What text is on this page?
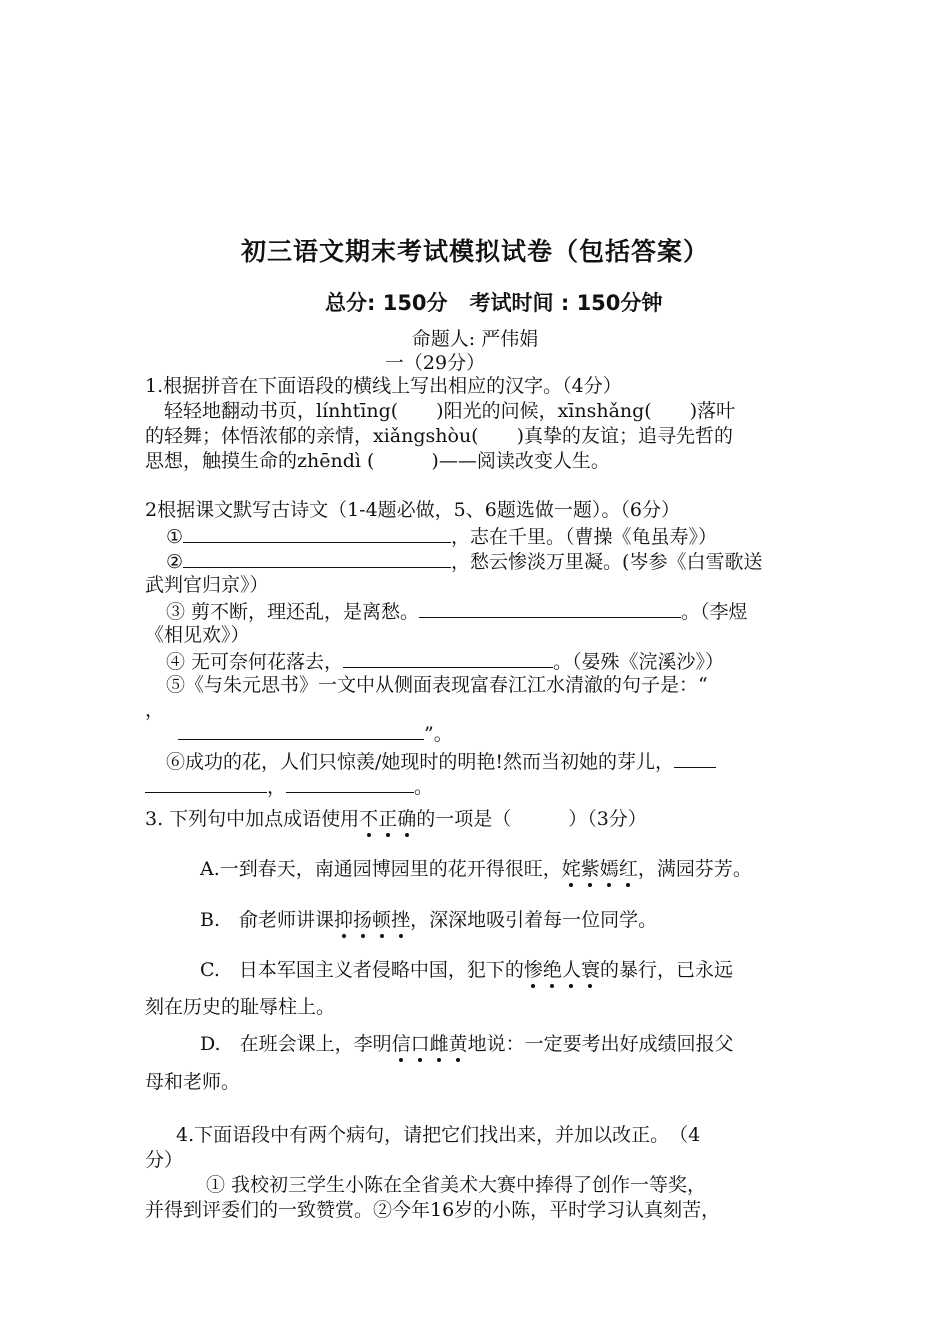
初三语文期末考试模拟试卷（包括答案）
总分: 150分 考试时间 : 150分钟
命题人: 严伟娟
一（29分）
1.根据拼音在下面语段的横线上写出相应的汉字。（4分）
　轻轻地翻动书页，línhtīng(　　)阳光的问候，xīnshǎng(　　)落叶
的轻舞；体悟浓郁的亲情，xiǎngshòu(　　)真挚的友谊；追寻先哲的
思想，触摸生命的zhēndì (　　　)——阅读改变人生。
2根据课文默写古诗文（1-4题必做，5、6题选做一题）。（6分）
①	，志在千里。（曹操《龟虽寿》）
②	，愁云惨淡万里凝。(岑参《白雪歌送
武判官归京》）
③ 剪不断，理还乱，是离愁。	。（李煜
《相见欢》）
④ 无可奈何花落去，	。（晏殊《浣溪沙》）
⑤《与朱元思书》一文中从侧面表现富春江江水清澈的句子是：“
，
”。
⑥成功的花，人们只惊羡/她现时的明艳!然而当初她的芽儿，
，	。
3. 下列句中加点成语使用不正确的一项是（　　　）（3分）
A.一到春天，南通园博园里的花开得很旺，姹紫嫣红，满园芬芳。
B.　俞老师讲课抑扬顿挫，深深地吸引着每一位同学。
C.　日本军国主义者侵略中国，犯下的惨绝人寰的暴行，已永远
刻在历史的耻辱柱上。
D.　在班会课上，李明信口雌黄地说：一定要考出好成绩回报父
母和老师。
4.下面语段中有两个病句，请把它们找出来，并加以改正。　（4
分）
① 我校初三学生小陈在全省美术大赛中捧得了创作一等奖，
并得到评委们的一致赞赏。②今年16岁的小陈，平时学习认真刻苦，
